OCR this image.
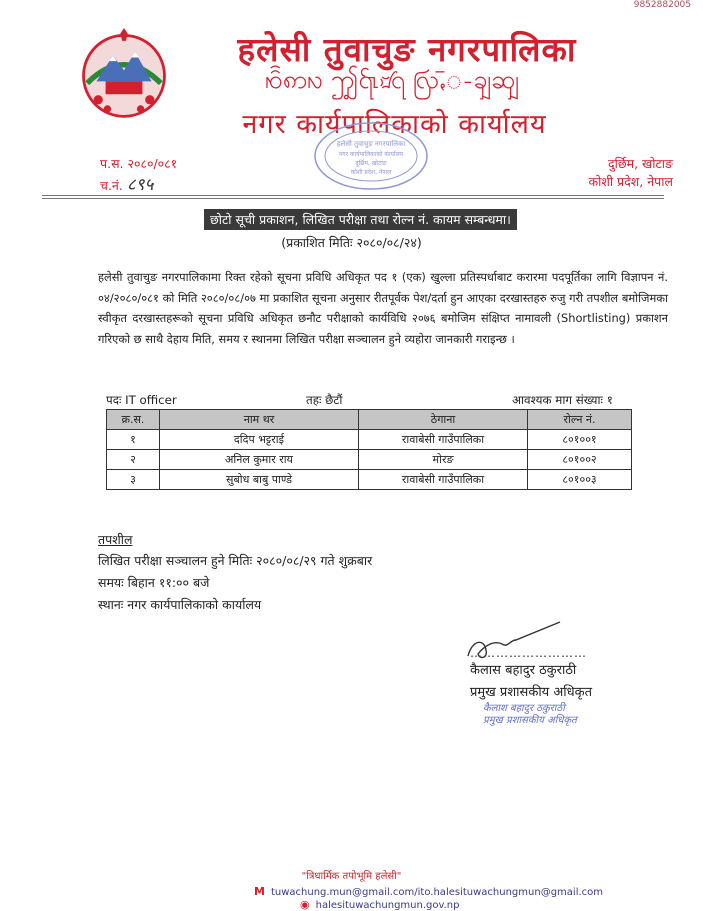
9852882005
हलेसी तुवाचुङ नगरपालिका
ꩯꩰꩱꩳ ꩶ꩷꩸꩹ ꩺꩻꩼꩽꩾꩿ
नगर कार्यपालिकाको कार्यालय
प.स. २०८०/०८१
च.नं. ८९५
दुर्छिम, खोटाङ
कोशी प्रदेश, नेपाल
हलेसी तुवाचुङ नगरपालिका
नगर कार्यपालिकाको कार्यालय
दुर्छिम, खोटाङ
कोशी प्रदेश, नेपाल
छोटो सूची प्रकाशन, लिखित परीक्षा तथा रोल्न नं. कायम सम्बन्धमा।
(प्रकाशित मितिः २०८०/०८/२४)
हलेसी तुवाचुङ नगरपालिकामा रिक्त रहेको सूचना प्रविधि अधिकृत पद १ (एक) खुल्ला प्रतिस्पर्धाबाट करारमा पदपूर्तिका लागि विज्ञापन नं. ०४/२०८०/०८१ को मिति २०८०/०८/०७ मा प्रकाशित सूचना अनुसार रीतपूर्वक पेश/दर्ता हुन आएका दरखास्तहरु रुजु गरी तपशील बमोजिमका स्वीकृत दरखास्तहरूको सूचना प्रविधि अधिकृत छनौट परीक्षाको कार्यविधि २०७६ बमोजिम संक्षिप्त नामावली (Shortlisting) प्रकाशन गरिएको छ साथै देहाय मिति, समय र स्थानमा लिखित परीक्षा सञ्चालन हुने व्यहोरा जानकारी गराइन्छ ।
पदः IT officer	तहः छैटौं	आवश्यक माग संख्याः १
क्र.स.	नाम थर	ठेगाना	रोल्न नं.
१	ददिप भट्टराई	रावाबेसी गाउँपालिका	८०१००१
२	अनिल कुमार राय	मोरङ	८०१००२
३	सुबोध बाबु पाण्डे	रावाबेसी गाउँपालिका	८०१००३
तपशील
लिखित परीक्षा सञ्चालन हुने मितिः २०८०/०८/२९ गते शुक्रबार
समयः बिहान ११:०० बजे
स्थानः नगर कार्यपालिकाको कार्यालय
………………………
कैलास बहादुर ठकुराठी
प्रमुख प्रशासकीय अधिकृत
कैलाश बहादुर ठकुराठी
प्रमुख प्रशासकीय अधिकृत
"त्रिधार्मिक तपोभूमि हलेसी"
M tuwachung.mun@gmail.com/ito.halesituwachungmun@gmail.com
◉ halesituwachungmun.gov.np
